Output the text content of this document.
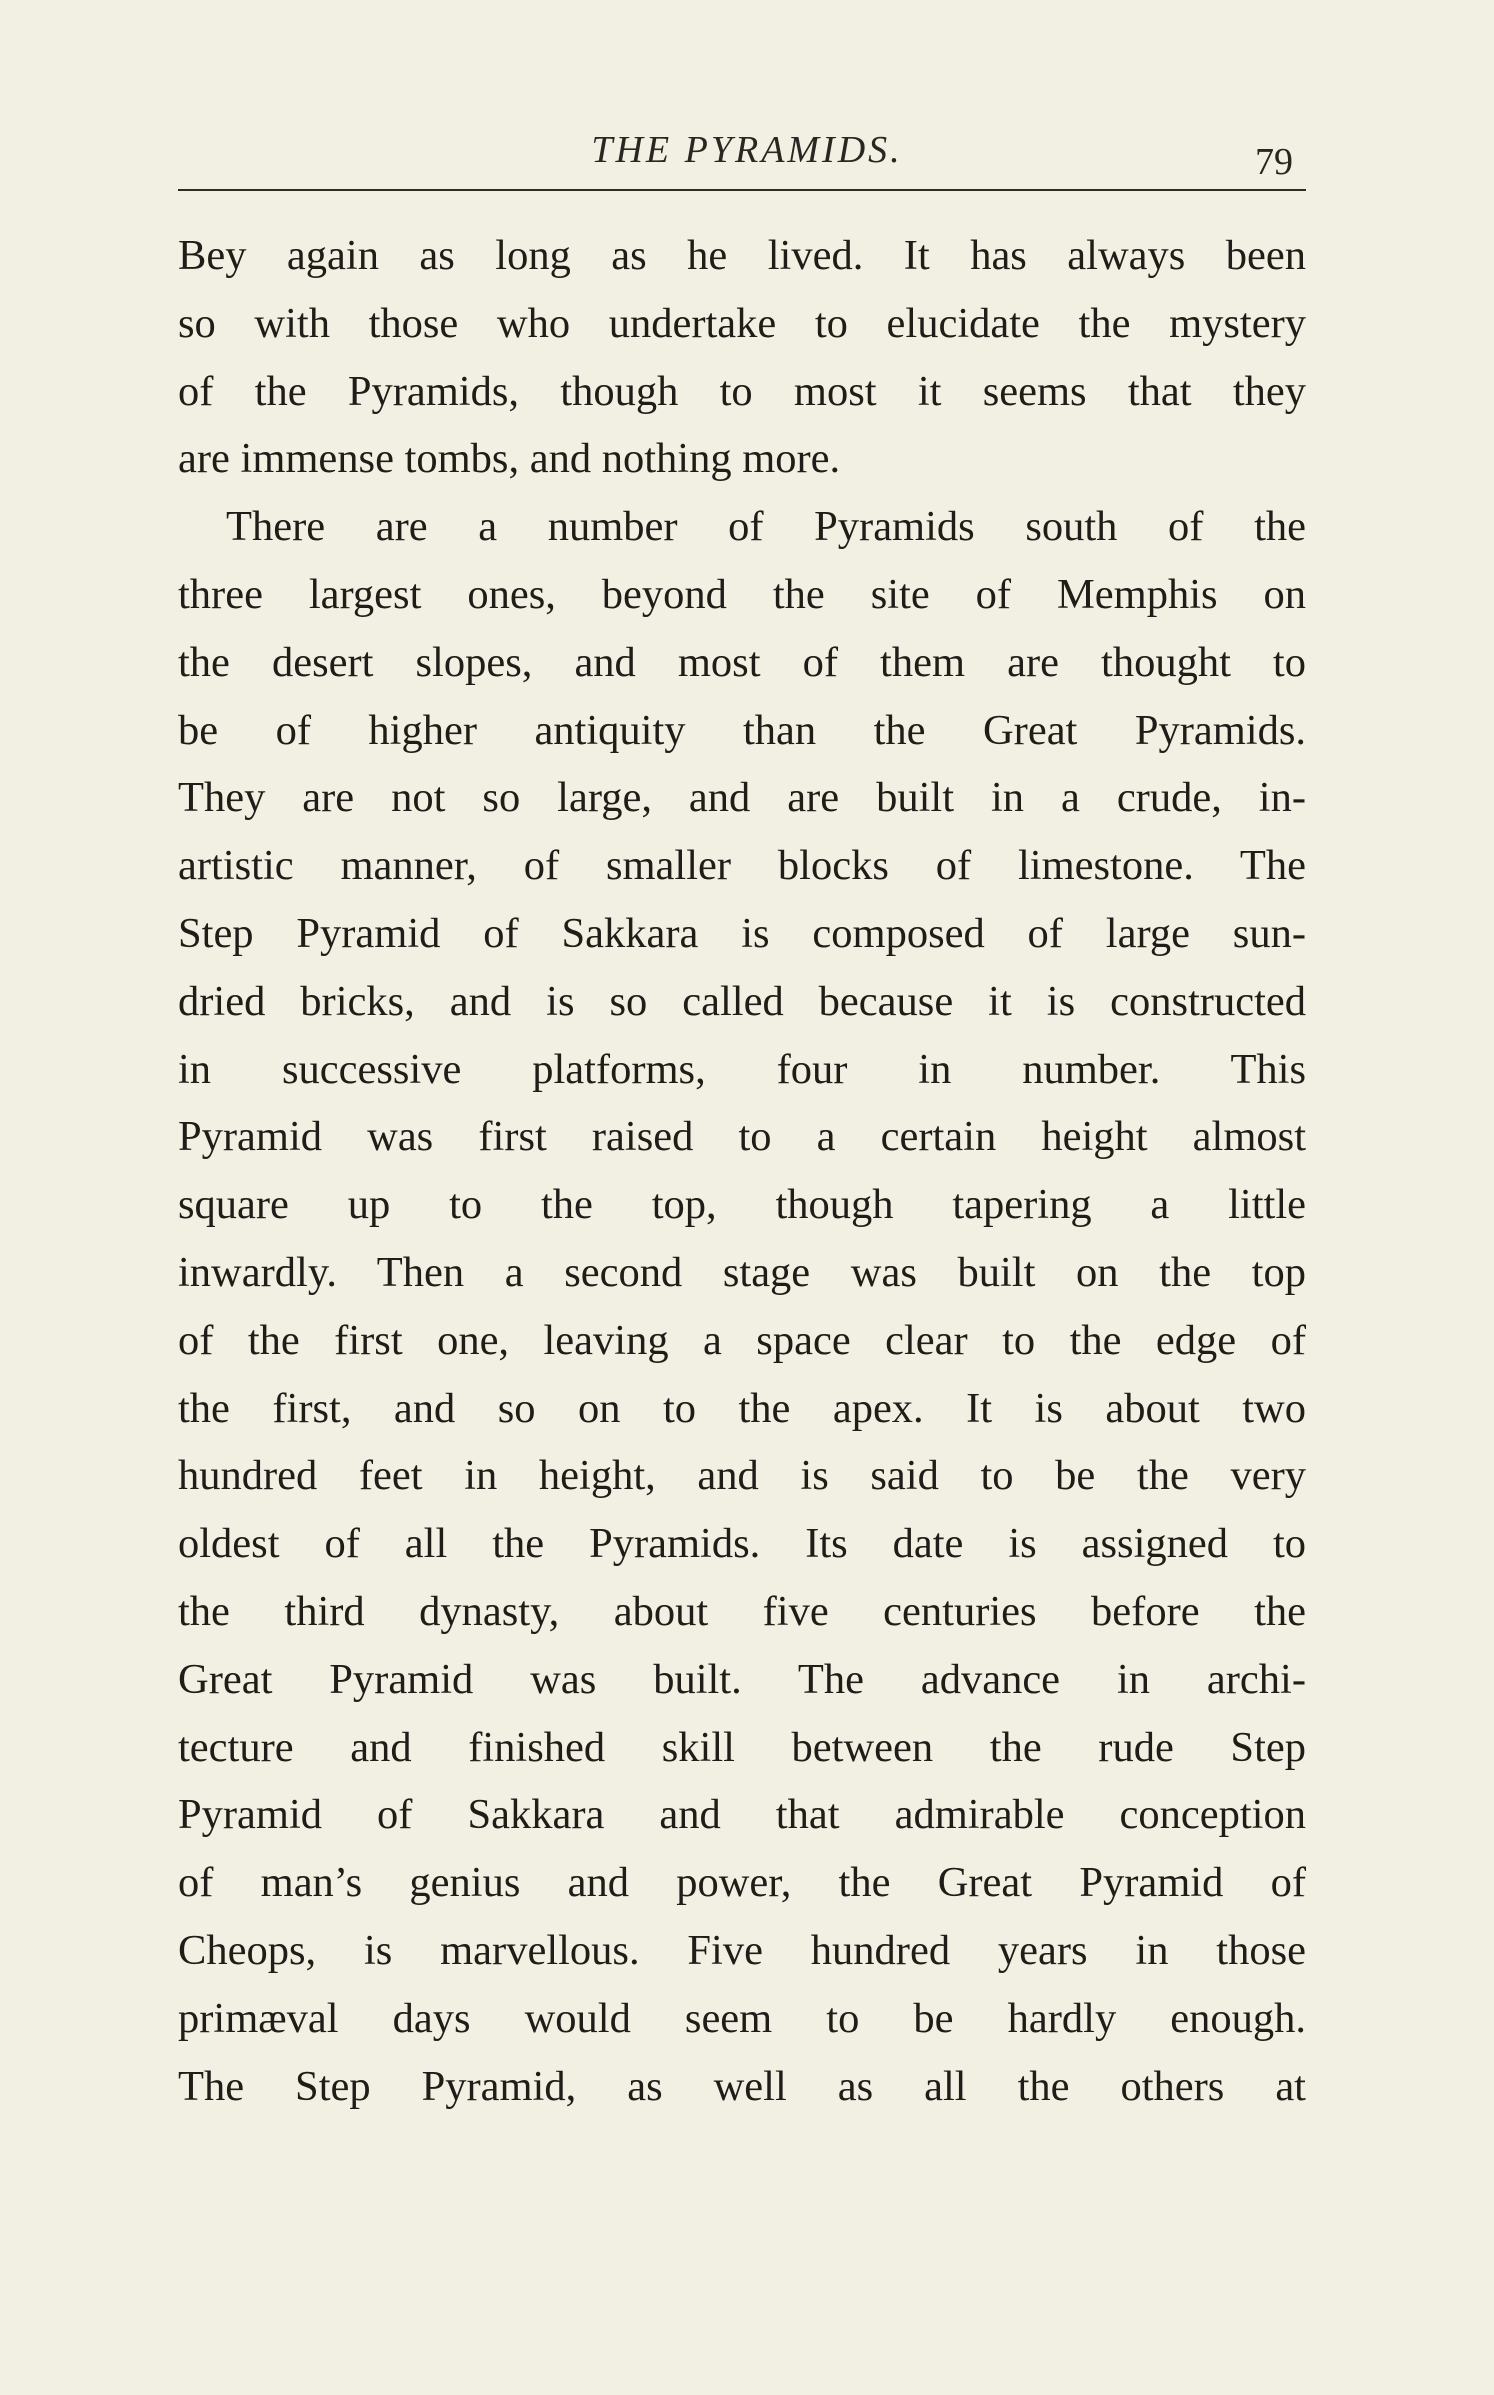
THE PYRAMIDS.	79
Bey again as long as he lived. It has always been
so with those who undertake to elucidate the mystery
of the Pyramids, though to most it seems that they
are immense tombs, and nothing more.
There are a number of Pyramids south of the
three largest ones, beyond the site of Memphis on
the desert slopes, and most of them are thought to
be of higher antiquity than the Great Pyramids.
They are not so large, and are built in a crude, in-
artistic manner, of smaller blocks of limestone. The
Step Pyramid of Sakkara is composed of large sun-
dried bricks, and is so called because it is constructed
in successive platforms, four in number. This
Pyramid was first raised to a certain height almost
square up to the top, though tapering a little
inwardly. Then a second stage was built on the top
of the first one, leaving a space clear to the edge of
the first, and so on to the apex. It is about two
hundred feet in height, and is said to be the very
oldest of all the Pyramids. Its date is assigned to
the third dynasty, about five centuries before the
Great Pyramid was built. The advance in archi-
tecture and finished skill between the rude Step
Pyramid of Sakkara and that admirable conception
of man’s genius and power, the Great Pyramid of
Cheops, is marvellous. Five hundred years in those
primæval days would seem to be hardly enough.
The Step Pyramid, as well as all the others at
